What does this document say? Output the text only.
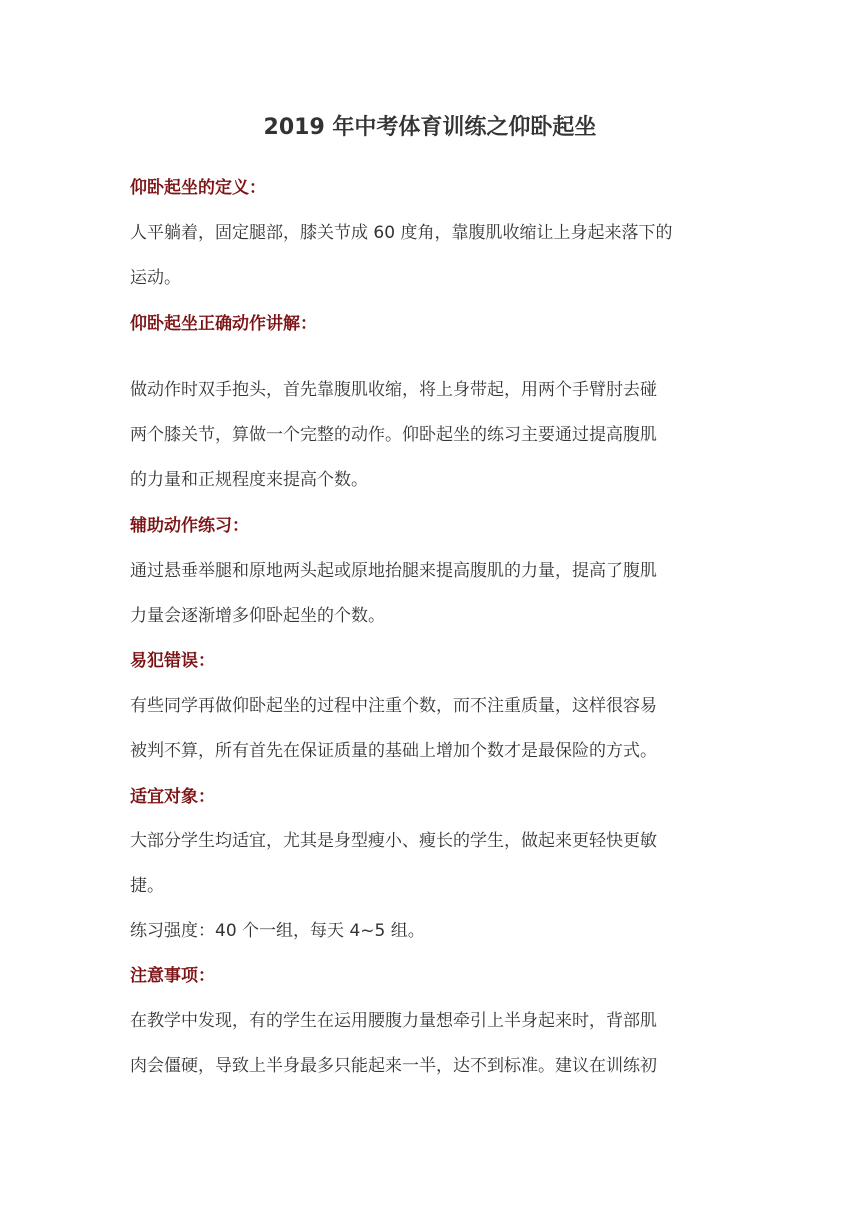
2019 年中考体育训练之仰卧起坐
仰卧起坐的定义：
人平躺着，固定腿部，膝关节成 60 度角，靠腹肌收缩让上身起来落下的
运动。
仰卧起坐正确动作讲解：
做动作时双手抱头，首先靠腹肌收缩，将上身带起，用两个手臂肘去碰
两个膝关节，算做一个完整的动作。仰卧起坐的练习主要通过提高腹肌
的力量和正规程度来提高个数。
辅助动作练习：
通过悬垂举腿和原地两头起或原地抬腿来提高腹肌的力量，提高了腹肌
力量会逐渐增多仰卧起坐的个数。
易犯错误：
有些同学再做仰卧起坐的过程中注重个数，而不注重质量，这样很容易
被判不算，所有首先在保证质量的基础上增加个数才是最保险的方式。
适宜对象：
大部分学生均适宜，尤其是身型瘦小、瘦长的学生，做起来更轻快更敏
捷。
练习强度：40 个一组，每天 4~5 组。
注意事项：
在教学中发现，有的学生在运用腰腹力量想牵引上半身起来时，背部肌
肉会僵硬，导致上半身最多只能起来一半，达不到标准。建议在训练初
